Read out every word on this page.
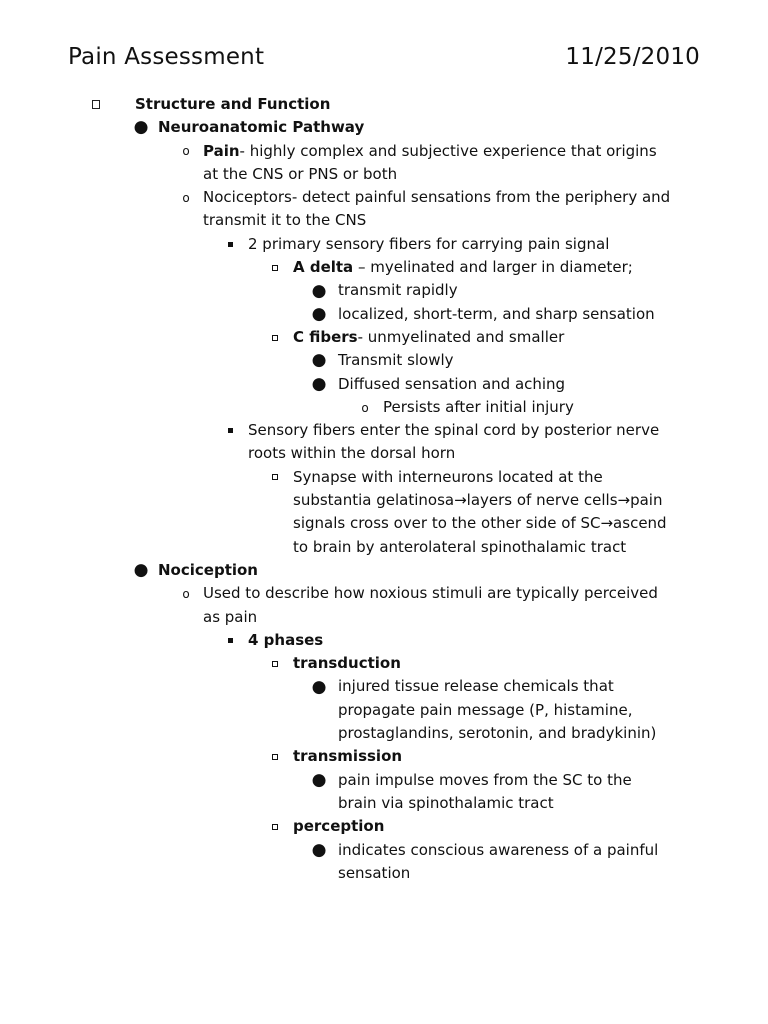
Pain Assessment	11/25/2010
Structure and Function
● Neuroanatomic Pathway
o Pain- highly complex and subjective experience that origins
at the CNS or PNS or both
o Nociceptors- detect painful sensations from the periphery and
transmit it to the CNS
2 primary sensory fibers for carrying pain signal
A delta – myelinated and larger in diameter;
● transmit rapidly
● localized, short-term, and sharp sensation
C fibers- unmyelinated and smaller
● Transmit slowly
● Diffused sensation and aching
o Persists after initial injury
Sensory fibers enter the spinal cord by posterior nerve
roots within the dorsal horn
Synapse with interneurons located at the
substantia gelatinosa→layers of nerve cells→pain
signals cross over to the other side of SC→ascend
to brain by anterolateral spinothalamic tract
● Nociception
o Used to describe how noxious stimuli are typically perceived
as pain
4 phases
transduction
● injured tissue release chemicals that
propagate pain message (P, histamine,
prostaglandins, serotonin, and bradykinin)
transmission
● pain impulse moves from the SC to the
brain via spinothalamic tract
perception
● indicates conscious awareness of a painful
sensation
